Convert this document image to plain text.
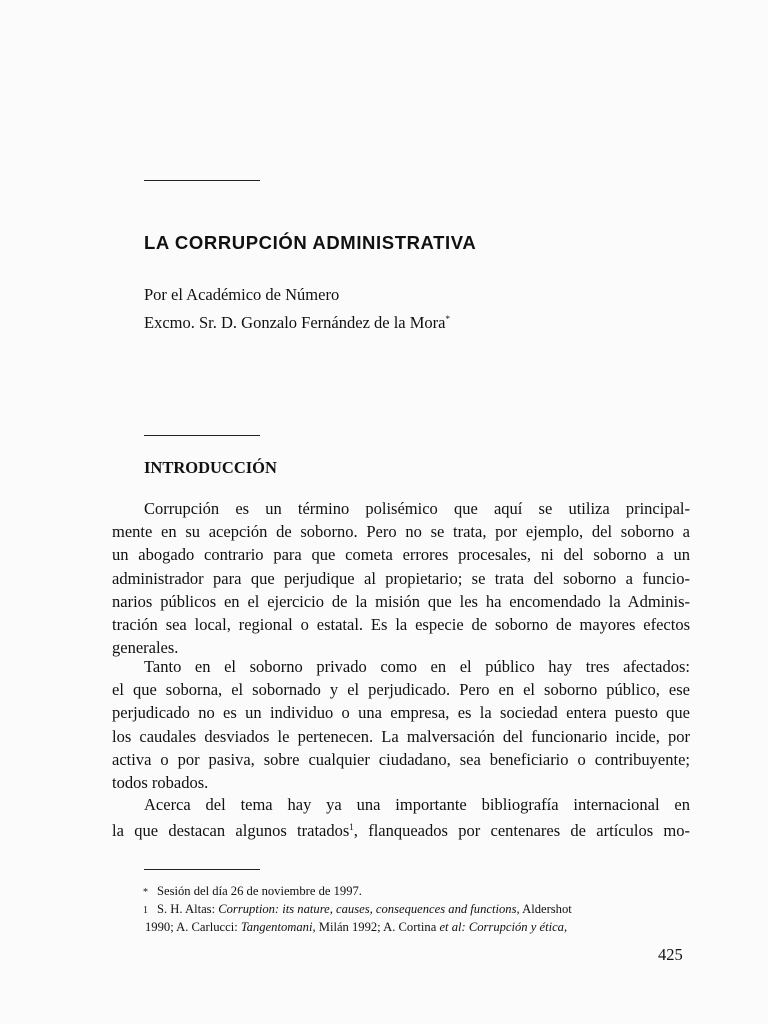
LA CORRUPCIÓN ADMINISTRATIVA
Por el Académico de Número
Excmo. Sr. D. Gonzalo Fernández de la Mora*
INTRODUCCIÓN
Corrupción es un término polisémico que aquí se utiliza principal-
mente en su acepción de soborno. Pero no se trata, por ejemplo, del soborno a
un abogado contrario para que cometa errores procesales, ni del soborno a un
administrador para que perjudique al propietario; se trata del soborno a funcio-
narios públicos en el ejercicio de la misión que les ha encomendado la Adminis-
tración sea local, regional o estatal. Es la especie de soborno de mayores efectos
generales.
Tanto en el soborno privado como en el público hay tres afectados:
el que soborna, el sobornado y el perjudicado. Pero en el soborno público, ese
perjudicado no es un individuo o una empresa, es la sociedad entera puesto que
los caudales desviados le pertenecen. La malversación del funcionario incide, por
activa o por pasiva, sobre cualquier ciudadano, sea beneficiario o contribuyente;
todos robados.
Acerca del tema hay ya una importante bibliografía internacional en
la que destacan algunos tratados$^1$, flanqueados por centenares de artículos mo-
* Sesión del día 26 de noviembre de 1997.
1 S. H. Altas: Corruption: its nature, causes, consequences and functions, Aldershot
1990; A. Carlucci: Tangentomani, Milán 1992; A. Cortina et al: Corrupción y ética,
425
